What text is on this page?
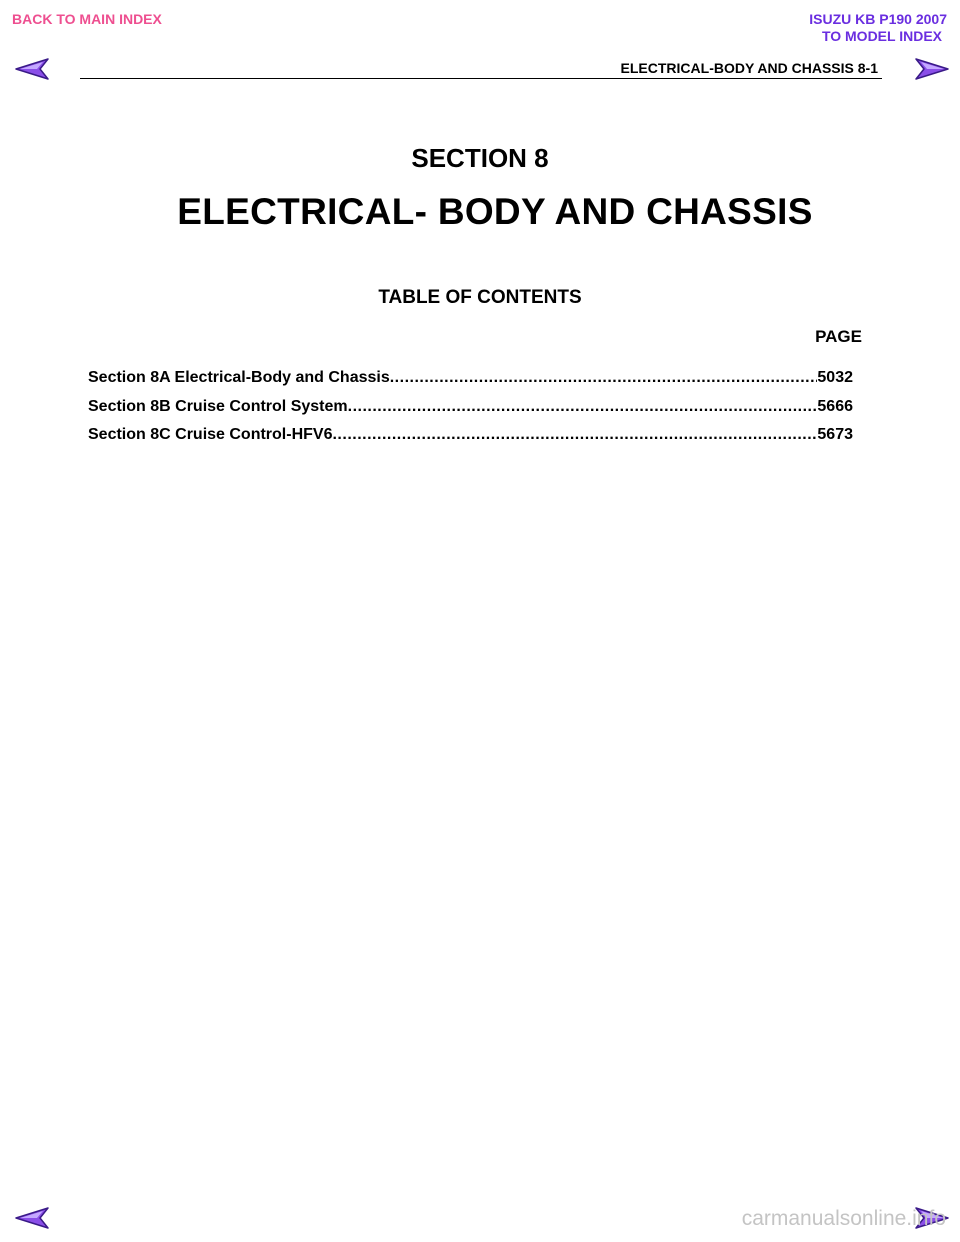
BACK TO MAIN INDEX	ISUZU KB P190 2007
TO MODEL INDEX
ELECTRICAL-BODY AND CHASSIS 8-1
SECTION 8
ELECTRICAL- BODY AND CHASSIS
TABLE OF CONTENTS
PAGE
Section 8A Electrical-Body and Chassis .....	5032
Section 8B Cruise Control System .....	5666
Section 8C Cruise Control-HFV6 .....	5673
carmanualsonline.info
